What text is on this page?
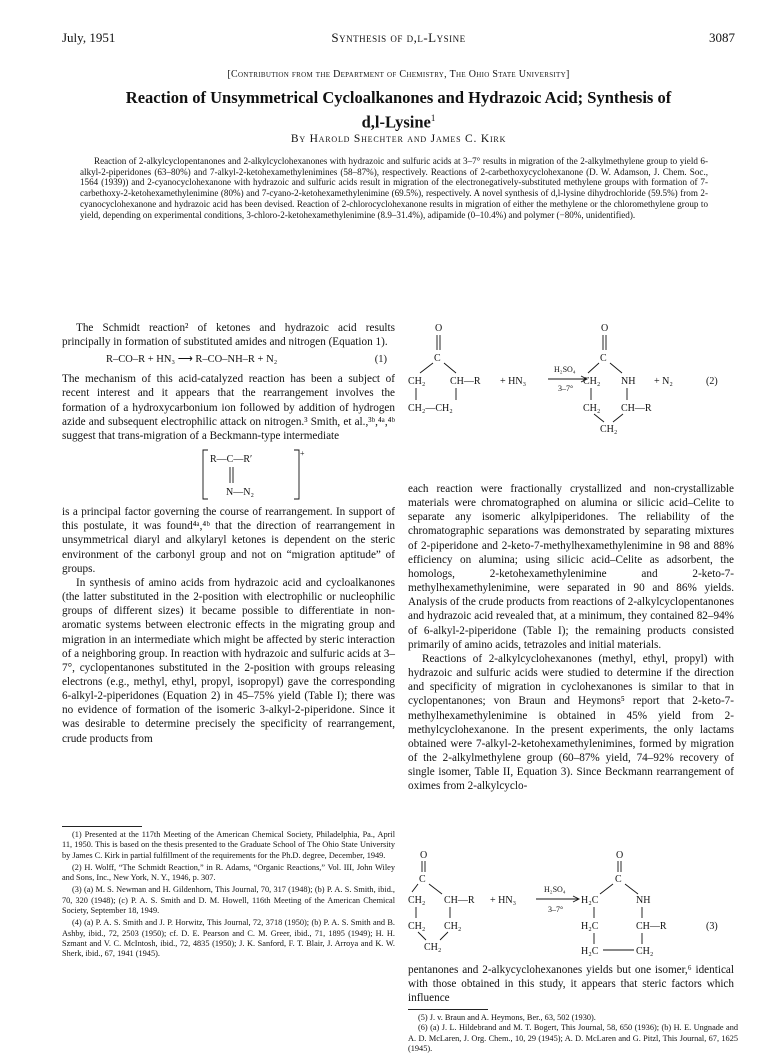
July, 1951	Synthesis of d,l-Lysine	3087
[Contribution from the Department of Chemistry, The Ohio State University]
Reaction of Unsymmetrical Cycloalkanones and Hydrazoic Acid; Synthesis of
d,l-Lysine$^1$
By Harold Shechter and James C. Kirk
Reaction of 2-alkylcyclopentanones and 2-alkylcyclohexanones with hydrazoic and sulfuric acids at 3–7° results in migration of the 2-alkylmethylene group to yield 6-alkyl-2-piperidones (63–80%) and 7-alkyl-2-ketohexamethylenimines (58–87%), respectively. Reactions of 2-carbethoxycyclohexanone (D. W. Adamson, J. Chem. Soc., 1564 (1939)) and 2-cyanocyclohexanone with hydrazoic and sulfuric acids result in migration of the electronegatively-substituted methylene groups with formation of 7-carbethoxy-2-ketohexamethylenimine (80%) and 7-cyano-2-ketohexamethylenimine (69.5%), respectively. A novel synthesis of d,l-lysine dihydrochloride (59.5%) from 2-cyanocyclohexanone and hydrazoic acid has been devised. Reaction of 2-chlorocyclohexanone results in migration of either the methylene or the chloromethylene group to yield, depending on experimental conditions, 3-chloro-2-ketohexamethylenimine (8.9–31.4%), adipamide (0–10.4%) and polymer (−80%, unidentified).

The Schmidt reaction² of ketones and hydrazoic acid results principally in formation of substituted amides and nitrogen (Equation 1).

R–CO–R + HN₃ ⟶ R–CO–NH–R + N₂	(1)

The mechanism of this acid-catalyzed reaction has been a subject of recent interest and it appears that the rearrangement involves the formation of a hydroxycarbonium ion followed by addition of hydrogen azide and subsequent electrophilic attack on nitrogen.³ Smith, et al.,³ᵇ,⁴ᵃ,⁴ᵇ suggest that trans-migration of a Beckmann-type intermediate

R—C—R′
+
N—N₂

is a principal factor governing the course of rearrangement. In support of this postulate, it was found⁴ᵃ,⁴ᵇ that the direction of rearrangement in unsymmetrical diaryl and alkylaryl ketones is dependent on the steric environment of the carbonyl group and not on “migration aptitude” of groups.

In synthesis of amino acids from hydrazoic acid and cycloalkanones (the latter substituted in the 2-position with electrophilic or nucleophilic groups of different sizes) it became possible to differentiate in non-aromatic systems between electronic effects in the migrating group and migration in an intermediate which might be affected by steric interaction of a neighboring group. In reaction with hydrazoic and sulfuric acids at 3–7°, cyclopentanones substituted in the 2-position with groups releasing electrons (e.g., methyl, ethyl, propyl, isopropyl) gave the corresponding 6-alkyl-2-piperidones (Equation 2) in 45–75% yield (Table I); there was no evidence of formation of the isomeric 3-alkyl-2-piperidone. Since it was desirable to determine precisely the specificity of rearrangement, crude products from

O
C
CH₂ CH—R
CH₂—CH₂
+ HN₃
H₂SO₄
3–7°
O
C
CH₂ NH + N₂	(2)
CH₂ CH—R
CH₂

each reaction were fractionally crystallized and non-crystallizable materials were chromatographed on alumina or silicic acid–Celite to separate any isomeric alkylpiperidones. The reliability of the chromatographic separations was demonstrated by separating mixtures of 2-piperidone and 2-keto-7-methylhexamethylenimine in 98 and 88% efficiency on alumina; using silicic acid–Celite as adsorbent, the homologs, 2-ketohexamethylenimine and 2-keto-7-methylhexamethylenimine, were separated in 90 and 86% yields. Analysis of the crude products from reactions of 2-alkylcyclopentanones and hydrazoic acid revealed that, at a minimum, they contained 82–94% of 6-alkyl-2-piperidone (Table I); the remaining products consisted primarily of amino acids, tetrazoles and initial materials.

Reactions of 2-alkylcyclohexanones (methyl, ethyl, propyl) with hydrazoic and sulfuric acids were studied to determine if the direction and specificity of migration in cyclohexanones is similar to that in cyclopentanones; von Braun and Heymons⁵ report that 2-keto-7-methylhexamethylenimine is obtained in 45% yield from 2-methylcyclohexanone. In the present experiments, the only lactams obtained were 7-alkyl-2-ketohexamethylenimines, formed by migration of the 2-alkylmethylene group (60–87% yield, 74–92% recovery of single isomer, Table II, Equation 3). Since Beckmann rearrangement of oximes from 2-alkylcyclo-

O
C
CH₂ CH—R + HN₃
CH₂ CH₂
CH₂
H₂SO₄
3–7°
O
C
H₂C	NH
H₂C	CH—R	(3)
H₂C	CH₂

pentanones and 2-alkycyclohexanones yields but one isomer,⁶ identical with those obtained in this study, it appears that steric factors which influence

(1) Presented at the 117th Meeting of the American Chemical Society, Philadelphia, Pa., April 11, 1950. This is based on the thesis presented to the Graduate School of The Ohio State University by James C. Kirk in partial fulfillment of the requirements for the Ph.D. degree, December, 1949.

(2) H. Wolff, “The Schmidt Reaction,” in R. Adams, “Organic Reactions,” Vol. III, John Wiley and Sons, Inc., New York, N. Y., 1946, p. 307.

(3) (a) M. S. Newman and H. Gildenhorn, This Journal, 70, 317 (1948); (b) P. A. S. Smith, ibid., 70, 320 (1948); (c) P. A. S. Smith and D. M. Howell, 116th Meeting of the American Chemical Society, September 18, 1949.

(4) (a) P. A. S. Smith and J. P. Horwitz, This Journal, 72, 3718 (1950); (b) P. A. S. Smith and B. Ashby, ibid., 72, 2503 (1950); cf. D. E. Pearson and C. M. Greer, ibid., 71, 1895 (1949); H. H. Szmant and V. C. McIntosh, ibid., 72, 4835 (1950); J. K. Sanford, F. T. Blair, J. Arroya and K. W. Sherk, ibid., 67, 1941 (1945).

(5) J. v. Braun and A. Heymons, Ber., 63, 502 (1930).

(6) (a) J. L. Hildebrand and M. T. Bogert, This Journal, 58, 650 (1936); (b) H. E. Ungnade and A. D. McLaren, J. Org. Chem., 10, 29 (1945); A. D. McLaren and G. Pitzl, This Journal, 67, 1625 (1945).
